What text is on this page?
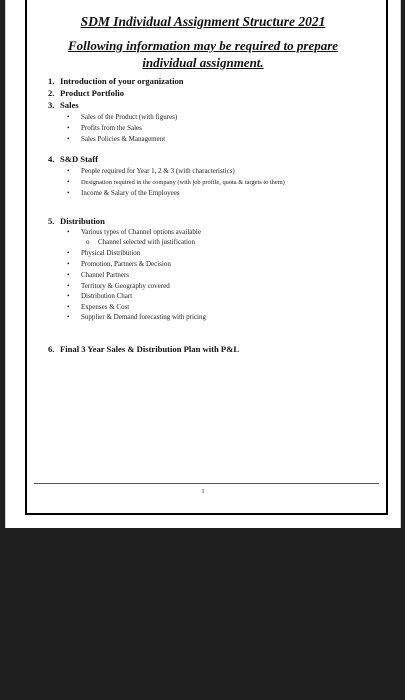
SDM Individual Assignment Structure 2021
Following information may be required to prepare
individual assignment.
1. Introduction of your organization
2. Product Portfolio
3. Sales
• Sales of the Product (with figures)
• Profits from the Sales
• Sales Policies & Management
4. S&D Staff
• People required for Year 1, 2 & 3 (with characteristics)
• Designation required in the company (with job profile, quota & targets to them)
• Income & Salary of the Employees
5. Distribution
• Various types of Channel options available
o Channel selected with justification
• Physical Distribution
• Promotion, Partners & Decision
• Channel Partners
• Territory & Geography covered
• Distribution Chart
• Expenses & Cost
• Supplier & Demand forecasting with pricing
6. Final 3 Year Sales & Distribution Plan with P&L
1
